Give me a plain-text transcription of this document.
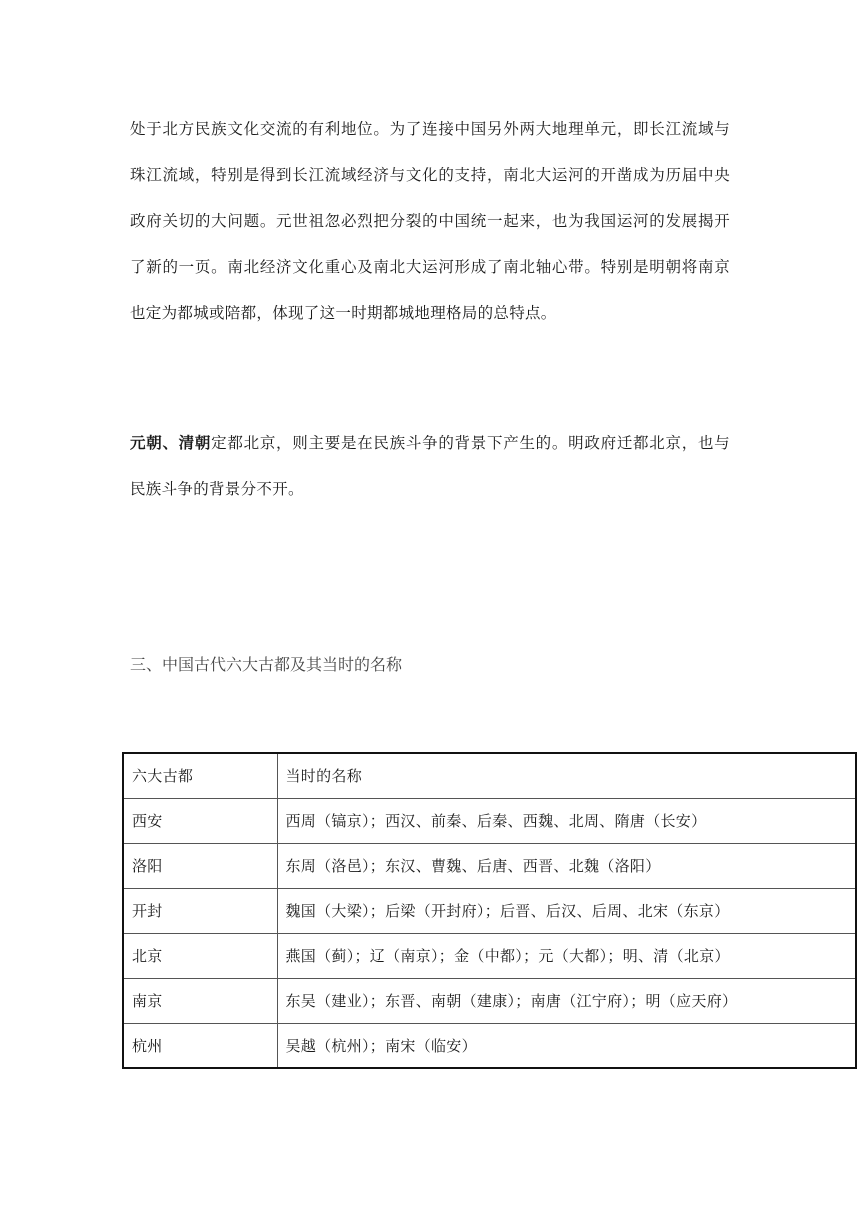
处于北方民族文化交流的有利地位。为了连接中国另外两大地理单元，即长江流域与珠江流域，特别是得到长江流域经济与文化的支持，南北大运河的开凿成为历届中央政府关切的大问题。元世祖忽必烈把分裂的中国统一起来，也为我国运河的发展揭开了新的一页。南北经济文化重心及南北大运河形成了南北轴心带。特别是明朝将南京也定为都城或陪都，体现了这一时期都城地理格局的总特点。

元朝、清朝定都北京，则主要是在民族斗争的背景下产生的。明政府迁都北京，也与民族斗争的背景分不开。

三、中国古代六大古都及其当时的名称
六大古都	当时的名称
西安	西周（镐京）；西汉、前秦、后秦、西魏、北周、隋唐（长安）
洛阳	东周（洛邑）；东汉、曹魏、后唐、西晋、北魏（洛阳）
开封	魏国（大梁）；后梁（开封府）；后晋、后汉、后周、北宋（东京）
北京	燕国（蓟）；辽（南京）；金（中都）；元（大都）；明、清（北京）
南京	东吴（建业）；东晋、南朝（建康）；南唐（江宁府）；明（应天府）
杭州	吴越（杭州）；南宋（临安）
